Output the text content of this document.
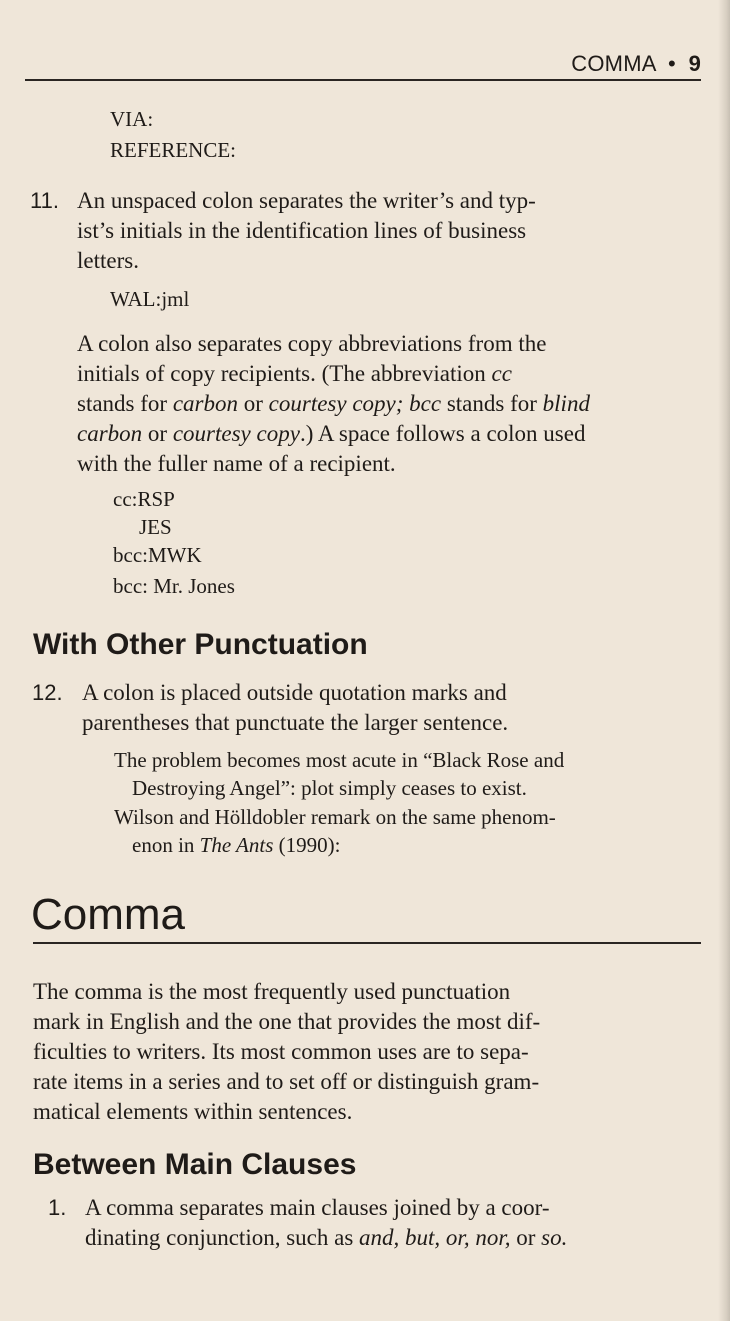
COMMA  •  9
VIA:
REFERENCE:
11. An unspaced colon separates the writer’s and typ-
ist’s initials in the identification lines of business
letters.
WAL:jml
A colon also separates copy abbreviations from the
initials of copy recipients. (The abbreviation cc
stands for carbon or courtesy copy; bcc stands for blind
carbon or courtesy copy.) A space follows a colon used
with the fuller name of a recipient.
cc:RSP
JES
bcc:MWK
bcc: Mr. Jones
With Other Punctuation
12. A colon is placed outside quotation marks and
parentheses that punctuate the larger sentence.
The problem becomes most acute in “Black Rose and
Destroying Angel”: plot simply ceases to exist.
Wilson and Hölldobler remark on the same phenom-
enon in The Ants (1990):
Comma
The comma is the most frequently used punctuation
mark in English and the one that provides the most dif-
ficulties to writers. Its most common uses are to sepa-
rate items in a series and to set off or distinguish gram-
matical elements within sentences.
Between Main Clauses
1. A comma separates main clauses joined by a coor-
dinating conjunction, such as and, but, or, nor, or so.
